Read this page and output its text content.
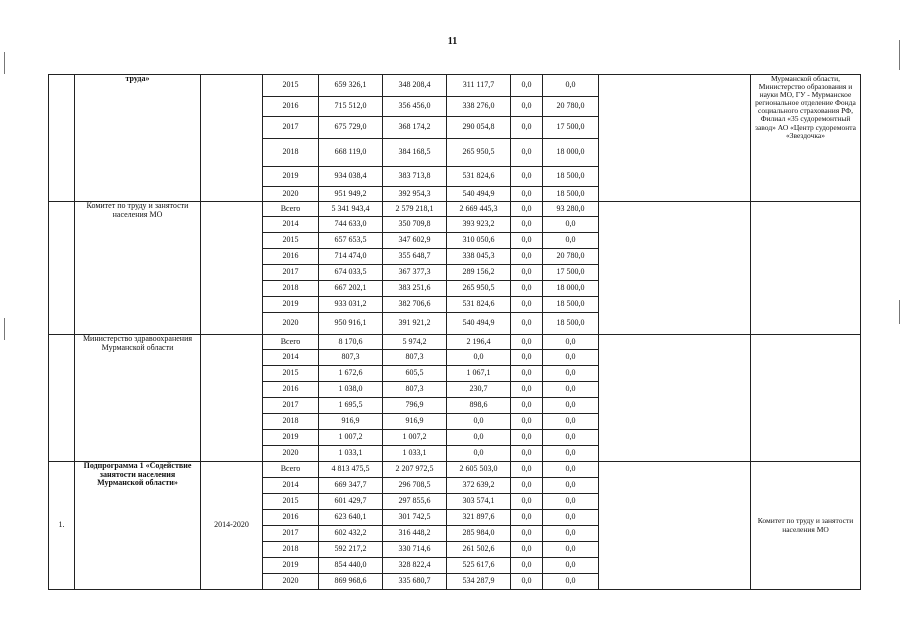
11
	труда»		2015	659 326,1	348 208,4	311 117,7	0,0	0,0		Мурманской области, Министерство образования и науки МО, ГУ - Мурманское региональное отделение Фонда социального страхования РФ, Филиал «35 судоремонтный завод» АО «Центр судоремонта «Звездочка»
			2016	715 512,0	356 456,0	338 276,0	0,0	20 780,0		
			2017	675 729,0	368 174,2	290 054,8	0,0	17 500,0		
			2018	668 119,0	384 168,5	265 950,5	0,0	18 000,0		
			2019	934 038,4	383 713,8	531 824,6	0,0	18 500,0		
			2020	951 949,2	392 954,3	540 494,9	0,0	18 500,0		
	Комитет по труду и занятости населения МО		Всего	5 341 943,4	2 579 218,1	2 669 445,3	0,0	93 280,0		
			2014	744 633,0	350 709,8	393 923,2	0,0	0,0		
			2015	657 653,5	347 602,9	310 050,6	0,0	0,0		
			2016	714 474,0	355 648,7	338 045,3	0,0	20 780,0		
			2017	674 033,5	367 377,3	289 156,2	0,0	17 500,0		
			2018	667 202,1	383 251,6	265 950,5	0,0	18 000,0		
			2019	933 031,2	382 706,6	531 824,6	0,0	18 500,0		
			2020	950 916,1	391 921,2	540 494,9	0,0	18 500,0		
	Министерство здравоохранения Мурманской области		Всего	8 170,6	5 974,2	2 196,4	0,0	0,0		
			2014	807,3	807,3	0,0	0,0	0,0		
			2015	1 672,6	605,5	1 067,1	0,0	0,0		
			2016	1 038,0	807,3	230,7	0,0	0,0		
			2017	1 695,5	796,9	898,6	0,0	0,0		
			2018	916,9	916,9	0,0	0,0	0,0		
			2019	1 007,2	1 007,2	0,0	0,0	0,0		
			2020	1 033,1	1 033,1	0,0	0,0	0,0		
1.	Подпрограмма 1 «Содействие занятости населения Мурманской области»	2014-2020	Всего	4 813 475,5	2 207 972,5	2 605 503,0	0,0	0,0		Комитет по труду и занятости населения МО
			2014	669 347,7	296 708,5	372 639,2	0,0	0,0		
			2015	601 429,7	297 855,6	303 574,1	0,0	0,0		
			2016	623 640,1	301 742,5	321 897,6	0,0	0,0		
			2017	602 432,2	316 448,2	285 984,0	0,0	0,0		
			2018	592 217,2	330 714,6	261 502,6	0,0	0,0		
			2019	854 440,0	328 822,4	525 617,6	0,0	0,0		
			2020	869 968,6	335 680,7	534 287,9	0,0	0,0		
